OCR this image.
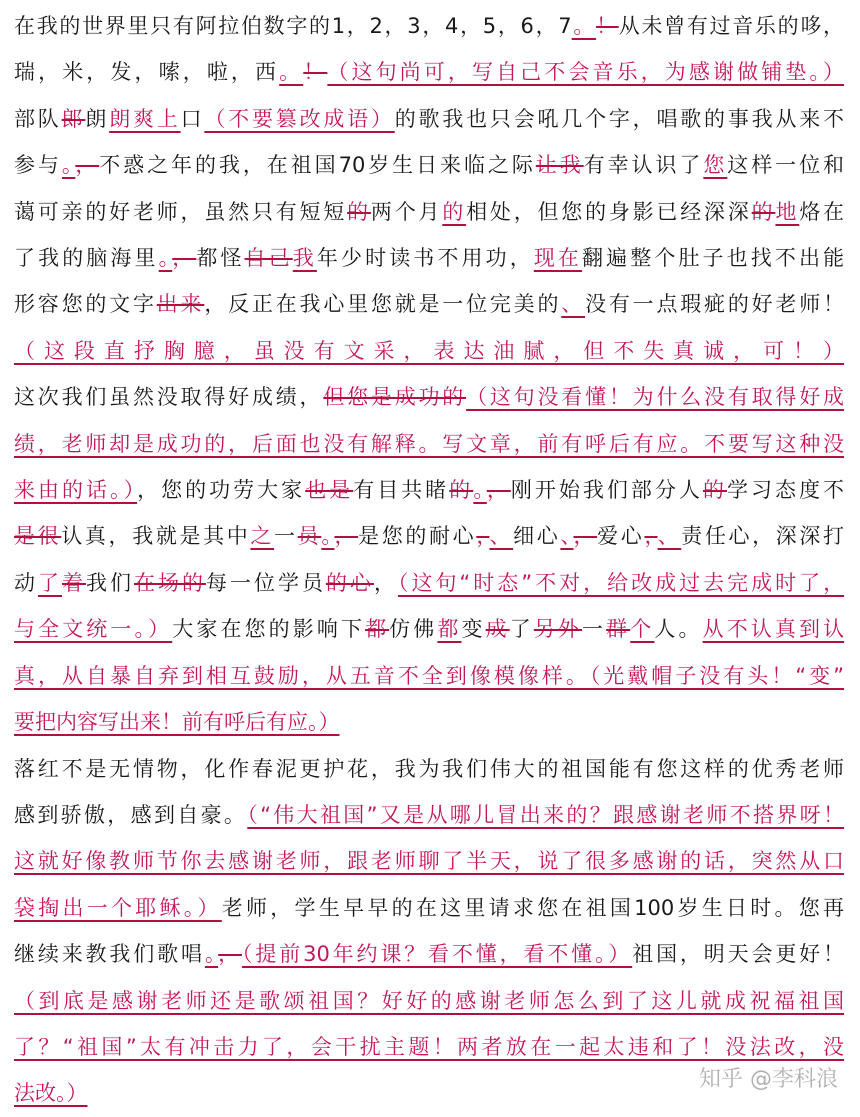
在我的世界里只有阿拉伯数字的1，2，3，4，5，6，7。！从未曾有过音乐的哆，
瑞，米，发，嗦，啦，西。！（这句尚可，写自己不会音乐，为感谢做铺垫。）
部队郎朗朗爽上口（不要篡改成语）的歌我也只会吼几个字，唱歌的事我从来不
参与。，不惑之年的我，在祖国70岁生日来临之际让我有幸认识了您这样一位和
蔼可亲的好老师，虽然只有短短的两个月的相处，但您的身影已经深深的地烙在
了我的脑海里。，都怪自己我年少时读书不用功，现在翻遍整个肚子也找不出能
形容您的文字出来，反正在我心里您就是一位完美的、没有一点瑕疵的好老师！
（这段直抒胸臆，虽没有文采，表达油腻，但不失真诚，可！）
这次我们虽然没取得好成绩，但您是成功的（这句没看懂！为什么没有取得好成
绩，老师却是成功的，后面也没有解释。写文章，前有呼后有应。不要写这种没
来由的话。），您的功劳大家也是有目共睹的。，刚开始我们部分人的学习态度不
是很认真，我就是其中之一员。，是您的耐心，、细心、，爱心，、责任心，深深打
动了着我们在场的每一位学员的心，（这句“时态”不对，给改成过去完成时了，
与全文统一。）大家在您的影响下都仿佛都变成了另外一群个人。从不认真到认
真，从自暴自弃到相互鼓励，从五音不全到像模像样。（光戴帽子没有头！“变”
要把内容写出来！前有呼后有应。）
落红不是无情物，化作春泥更护花，我为我们伟大的祖国能有您这样的优秀老师
感到骄傲，感到自豪。（“伟大祖国”又是从哪儿冒出来的？跟感谢老师不搭界呀！
这就好像教师节你去感谢老师，跟老师聊了半天，说了很多感谢的话，突然从口
袋掏出一个耶稣。）老师，学生早早的在这里请求您在祖国100岁生日时。您再
继续来教我们歌唱。，（提前30年约课？看不懂，看不懂。）祖国，明天会更好！
（到底是感谢老师还是歌颂祖国？好好的感谢老师怎么到了这儿就成祝福祖国
了？“祖国”太有冲击力了，会干扰主题！两者放在一起太违和了！没法改，没
法改。）
知乎 @李科浪
